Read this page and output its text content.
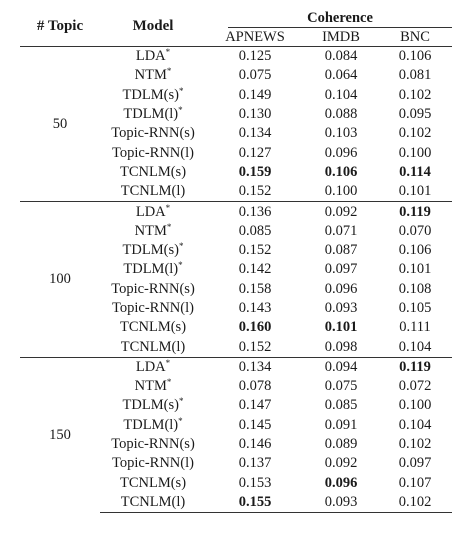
# Topic	Model	Coherence		

		APNEWS	IMDB	BNC
50	LDA*	0.125	0.084	0.106
	NTM*	0.075	0.064	0.081
	TDLM(s)*	0.149	0.104	0.102
	TDLM(l)*	0.130	0.088	0.095
	Topic-RNN(s)	0.134	0.103	0.102
	Topic-RNN(l)	0.127	0.096	0.100
	TCNLM(s)	0.159	0.106	0.114
	TCNLM(l)	0.152	0.100	0.101
100	LDA*	0.136	0.092	0.119
	NTM*	0.085	0.071	0.070
	TDLM(s)*	0.152	0.087	0.106
	TDLM(l)*	0.142	0.097	0.101
	Topic-RNN(s)	0.158	0.096	0.108
	Topic-RNN(l)	0.143	0.093	0.105
	TCNLM(s)	0.160	0.101	0.111
	TCNLM(l)	0.152	0.098	0.104
150	LDA*	0.134	0.094	0.119
	NTM*	0.078	0.075	0.072
	TDLM(s)*	0.147	0.085	0.100
	TDLM(l)*	0.145	0.091	0.104
	Topic-RNN(s)	0.146	0.089	0.102
	Topic-RNN(l)	0.137	0.092	0.097
	TCNLM(s)	0.153	0.096	0.107
	TCNLM(l)	0.155	0.093	0.102
